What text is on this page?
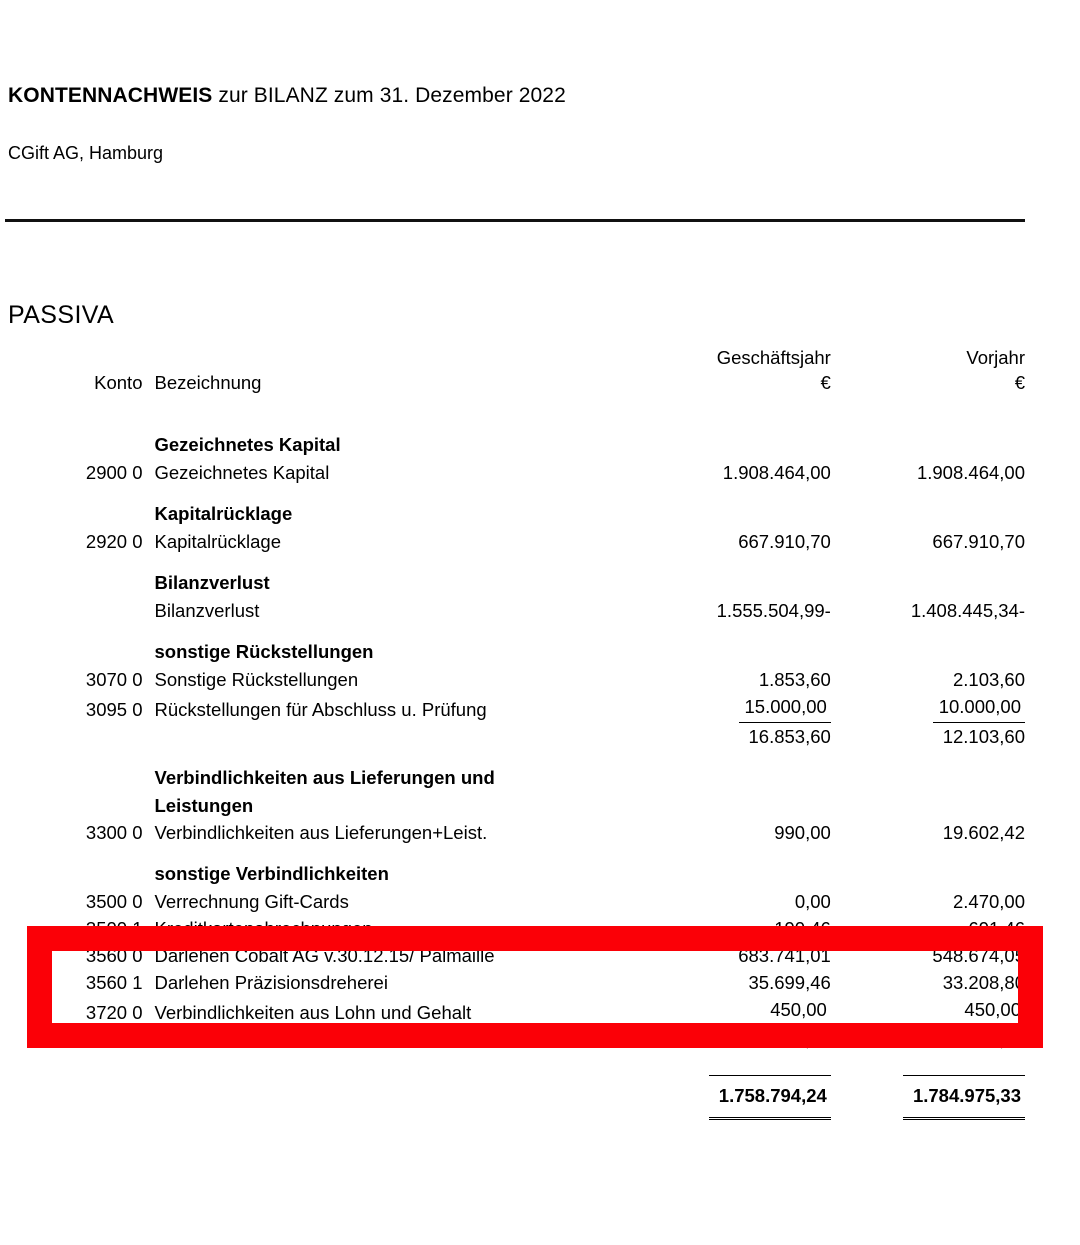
KONTENNACHWEIS zur BILANZ zum 31. Dezember 2022
CGift AG, Hamburg
PASSIVA
		Geschäftsjahr	Vorjahr
Konto	Bezeichnung	€	€

	Gezeichnetes Kapital		
2900 0	Gezeichnetes Kapital	1.908.464,00	1.908.464,00

	Kapitalrücklage		
2920 0	Kapitalrücklage	667.910,70	667.910,70

	Bilanzverlust		
	Bilanzverlust	1.555.504,99-	1.408.445,34-

	sonstige Rückstellungen		
3070 0	Sonstige Rückstellungen	1.853,60	2.103,60
3095 0	Rückstellungen für Abschluss u. Prüfung	15.000,00	10.000,00
		16.853,60	12.103,60

	Verbindlichkeiten aus Lieferungen und		
	Leistungen		
3300 0	Verbindlichkeiten aus Lieferungen+Leist.	990,00	19.602,42

	sonstige Verbindlichkeiten		
3500 0	Verrechnung Gift-Cards	0,00	2.470,00
3500 1	Kreditkartenabrechnungen	190,46	691,46
3560 0	Darlehen Cobalt AG v.30.12.15/ Palmaille	683.741,01	548.674,05
3560 1	Darlehen Präzisionsdreherei	35.699,46	33.208,80
3720 0	Verbindlichkeiten aus Lohn und Gehalt	450,00	450,00
		720.080,93	585.359,93

		1.758.794,24	1.784.975,33
